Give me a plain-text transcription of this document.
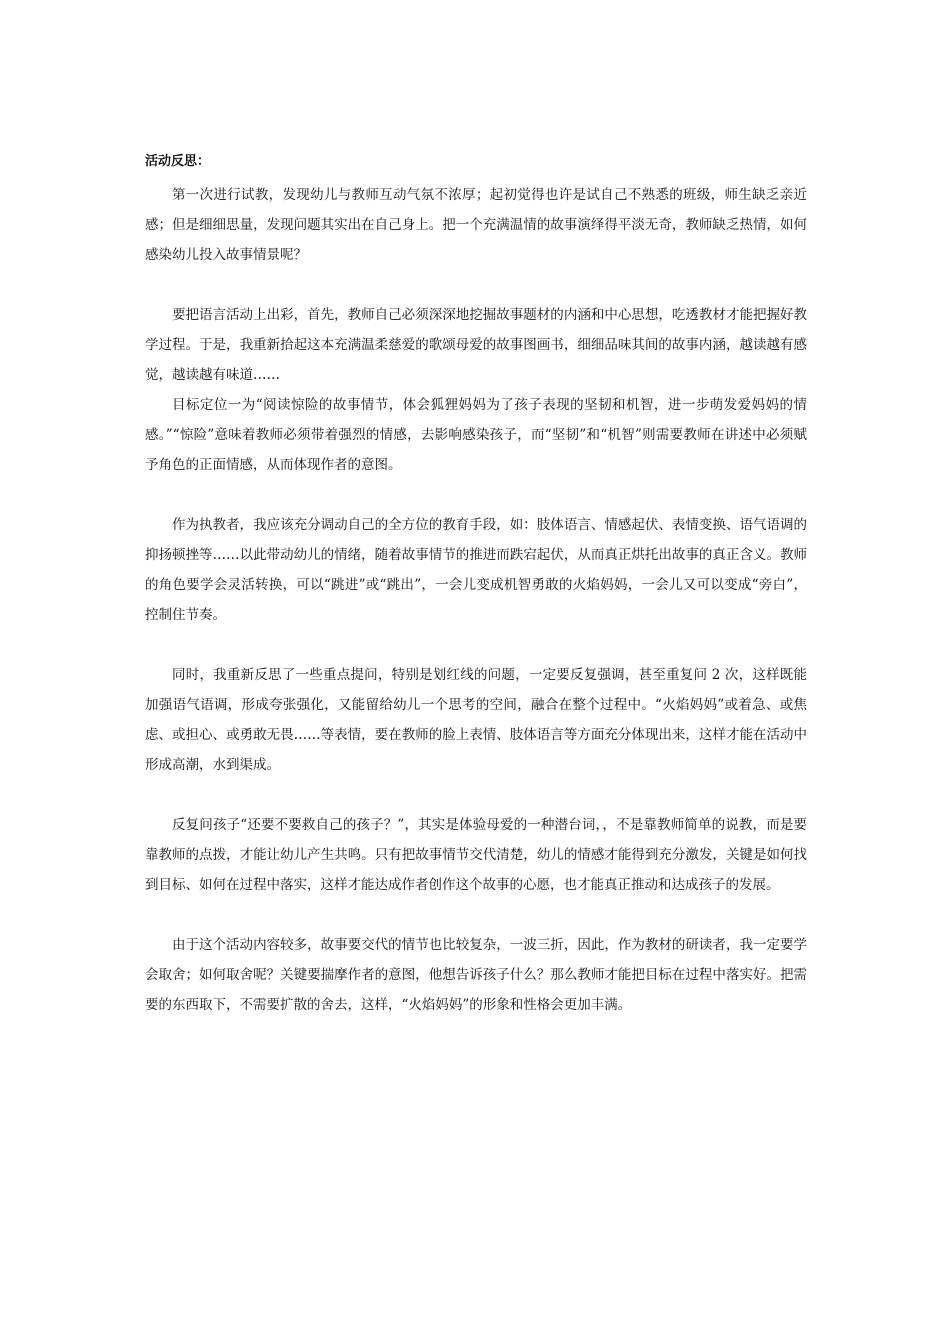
活动反思：

第一次进行试教，发现幼儿与教师互动气氛不浓厚；起初觉得也许是试自己不熟悉的班级，师生缺乏亲近感；但是细细思量，发现问题其实出在自己身上。把一个充满温情的故事演绎得平淡无奇，教师缺乏热情，如何感染幼儿投入故事情景呢？

要把语言活动上出彩，首先，教师自己必须深深地挖掘故事题材的内涵和中心思想，吃透教材才能把握好教学过程。于是，我重新拾起这本充满温柔慈爱的歌颂母爱的故事图画书，细细品味其间的故事内涵，越读越有感觉，越读越有味道……

目标定位一为“阅读惊险的故事情节，体会狐狸妈妈为了孩子表现的坚韧和机智，进一步萌发爱妈妈的情感。”“惊险”意味着教师必须带着强烈的情感，去影响感染孩子，而“坚韧”和“机智”则需要教师在讲述中必须赋予角色的正面情感，从而体现作者的意图。

作为执教者，我应该充分调动自己的全方位的教育手段，如：肢体语言、情感起伏、表情变换、语气语调的抑扬顿挫等……以此带动幼儿的情绪，随着故事情节的推进而跌宕起伏，从而真正烘托出故事的真正含义。教师的角色要学会灵活转换，可以“跳进”或“跳出”，一会儿变成机智勇敢的火焰妈妈，一会儿又可以变成“旁白”，控制住节奏。

同时，我重新反思了一些重点提问，特别是划红线的问题，一定要反复强调，甚至重复问 2 次，这样既能加强语气语调，形成夸张强化，又能留给幼儿一个思考的空间，融合在整个过程中。“火焰妈妈”或着急、或焦虑、或担心、或勇敢无畏……等表情，要在教师的脸上表情、肢体语言等方面充分体现出来，这样才能在活动中形成高潮，水到渠成。

反复问孩子“还要不要救自己的孩子？”，其实是体验母爱的一种潜台词，，不是靠教师简单的说教，而是要靠教师的点拨，才能让幼儿产生共鸣。只有把故事情节交代清楚，幼儿的情感才能得到充分激发，关键是如何找到目标、如何在过程中落实，这样才能达成作者创作这个故事的心愿，也才能真正推动和达成孩子的发展。

由于这个活动内容较多，故事要交代的情节也比较复杂，一波三折，因此，作为教材的研读者，我一定要学会取舍；如何取舍呢？关键要揣摩作者的意图，他想告诉孩子什么？那么教师才能把目标在过程中落实好。把需要的东西取下，不需要扩散的舍去，这样，“火焰妈妈”的形象和性格会更加丰满。
